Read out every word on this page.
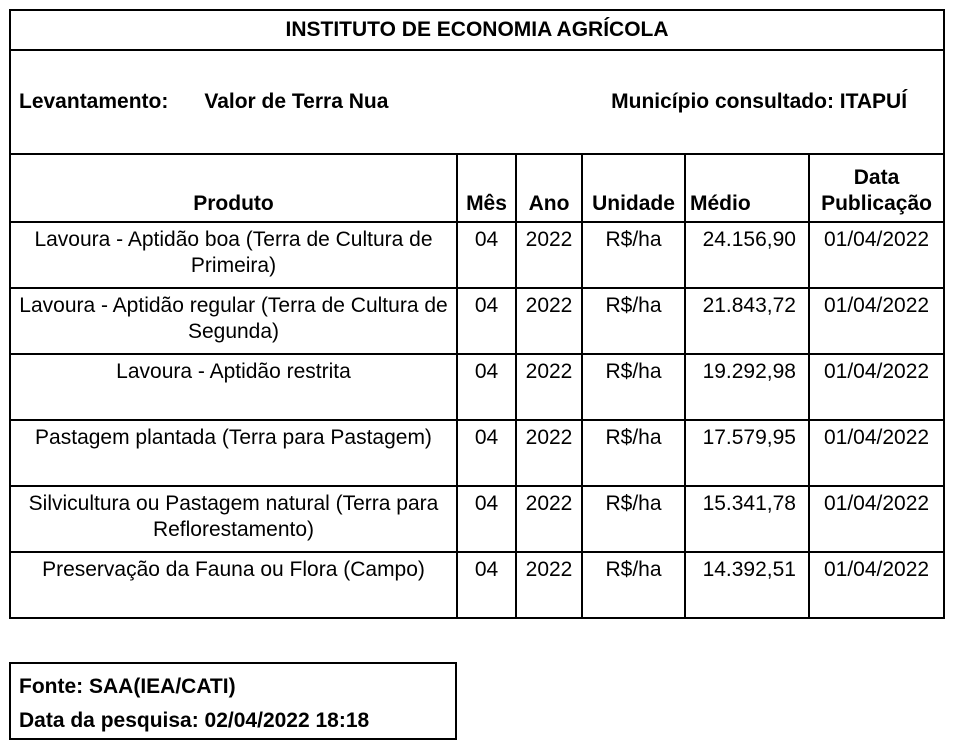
INSTITUTO DE ECONOMIA AGRÍCOLA					

Levantamento: Valor de Terra Nua Município consultado: ITAPUÍ					

Produto	Mês	Ano	Unidade	Médio	Data
Publicação

Lavoura - Aptidão boa (Terra de Cultura de Primeira)	04	2022	R$/ha	24.156,90	01/04/2022
Lavoura - Aptidão regular (Terra de Cultura de Segunda)	04	2022	R$/ha	21.843,72	01/04/2022
Lavoura - Aptidão restrita	04	2022	R$/ha	19.292,98	01/04/2022
Pastagem plantada (Terra para Pastagem)	04	2022	R$/ha	17.579,95	01/04/2022
Silvicultura ou Pastagem natural (Terra para Reflorestamento)	04	2022	R$/ha	15.341,78	01/04/2022
Preservação da Fauna ou Flora (Campo)	04	2022	R$/ha	14.392,51	01/04/2022
Fonte: SAA(IEA/CATI)
Data da pesquisa: 02/04/2022 18:18
